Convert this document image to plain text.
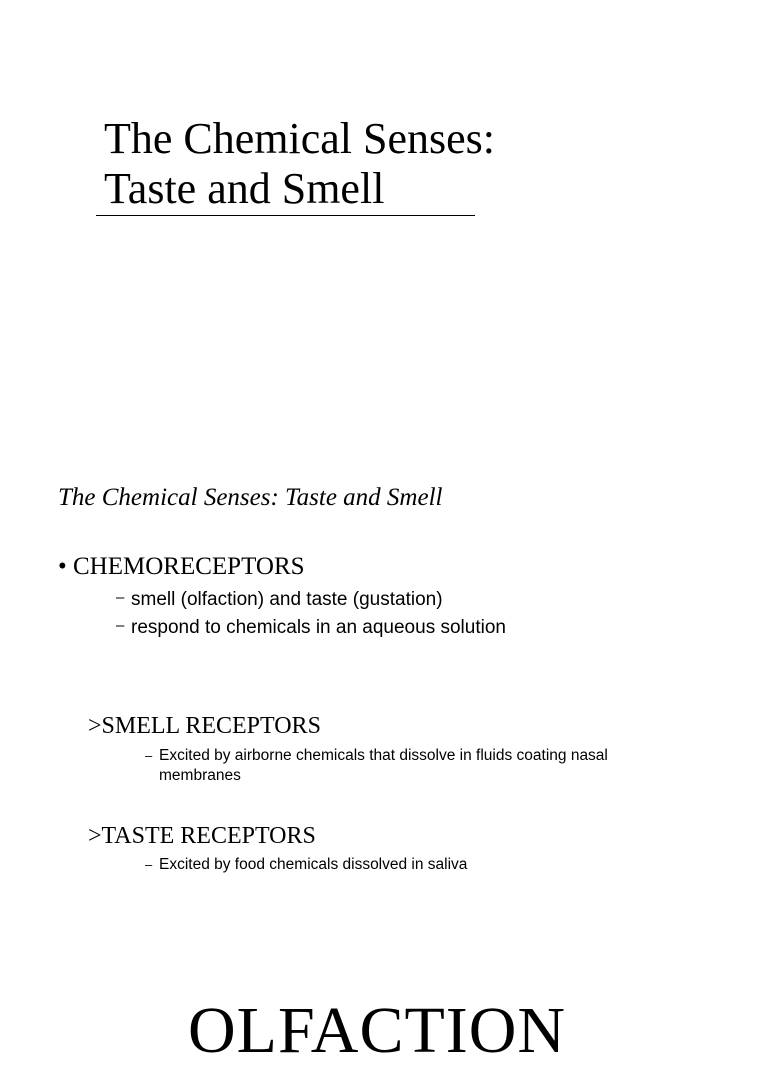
The Chemical Senses:
Taste and Smell
The Chemical Senses: Taste and Smell
• CHEMORECEPTORS
– smell (olfaction) and taste (gustation)
– respond to chemicals in an aqueous solution
>SMELL RECEPTORS
– Excited by airborne chemicals that dissolve in fluids coating nasal membranes
>TASTE RECEPTORS
– Excited by food chemicals dissolved in saliva
OLFACTION
